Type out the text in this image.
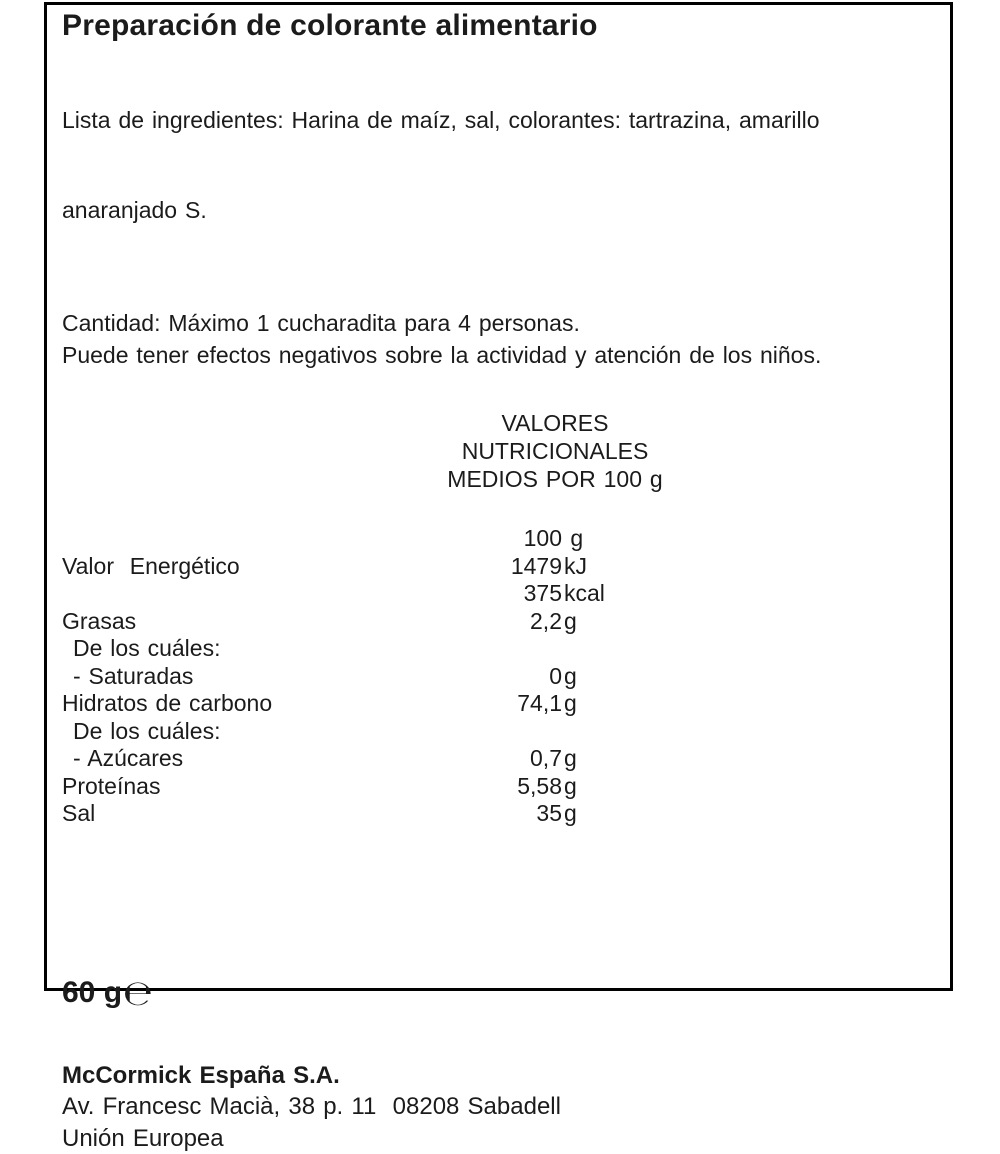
Preparación de colorante alimentario

Lista de ingredientes: Harina de maíz, sal, colorantes: tartrazina, amarillo

anaranjado S.

Cantidad: Máximo 1 cucharadita para 4 personas.
Puede tener efectos negativos sobre la actividad y atención de los niños.
VALORES
NUTRICIONALES
MEDIOS POR 100 g
100 g
Valor  Energético	1479 kJ
375 kcal
Grasas	2,2 g
De los cuáles:
- Saturadas	0 g
Hidratos de carbono	74,1 g
De los cuáles:
- Azúcares	0,7 g
Proteínas	5,58 g
Sal	35 g
60 g ℮
McCormick España S.A.
Av. Francesc Macià, 38 p. 11  08208 Sabadell
Unión Europea
